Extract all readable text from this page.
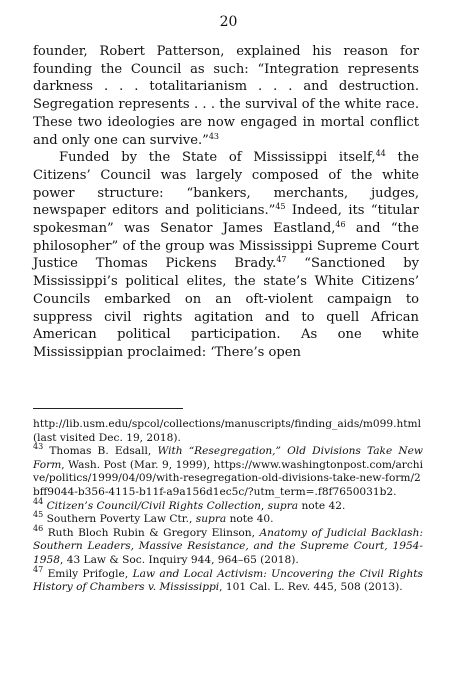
20

founder, Robert Patterson, explained his reason for founding the Council as such: “Integration represents darkness . . . totalitarianism . . . and destruction. Segregation represents . . . the survival of the white race. These two ideologies are now engaged in mortal conflict and only one can survive.”$^{43}$

Funded by the State of Mississippi itself,$^{44}$ the Citizens’ Council was largely composed of the white power structure: “bankers, merchants, judges, newspaper editors and politicians.”$^{45}$ Indeed, its “titular spokesman” was Senator James Eastland,$^{46}$ and “the philosopher” of the group was Mississippi Supreme Court Justice Thomas Pickens Brady.$^{47}$ “Sanctioned by Mississippi’s political elites, the state’s White Citizens’ Councils embarked on an oft-violent campaign to suppress civil rights agitation and to quell African American political participation. As one white Mississippian proclaimed: ‘There’s open

http://lib.usm.edu/spcol/collections/manuscripts/finding_aids/m099.html (last visited Dec. 19, 2018).

$^{43}$ Thomas B. Edsall, With “Resegregation,” Old Divisions Take New Form, Wash. Post (Mar. 9, 1999), https://www.washingtonpost.com/archive/politics/1999/04/09/with-resegregation-old-divisions-take-new-form/2bff9044-b356-4115-b11f-a9a156d1ec5c/?utm_term=.f8f7650031b2.

$^{44}$ Citizen’s Council/Civil Rights Collection, supra note 42.

$^{45}$ Southern Poverty Law Ctr., supra note 40.

$^{46}$ Ruth Bloch Rubin & Gregory Elinson, Anatomy of Judicial Backlash: Southern Leaders, Massive Resistance, and the Supreme Court, 1954-1958, 43 Law & Soc. Inquiry 944, 964–65 (2018).

$^{47}$ Emily Prifogle, Law and Local Activism: Uncovering the Civil Rights History of Chambers v. Mississippi, 101 Cal. L. Rev. 445, 508 (2013).
